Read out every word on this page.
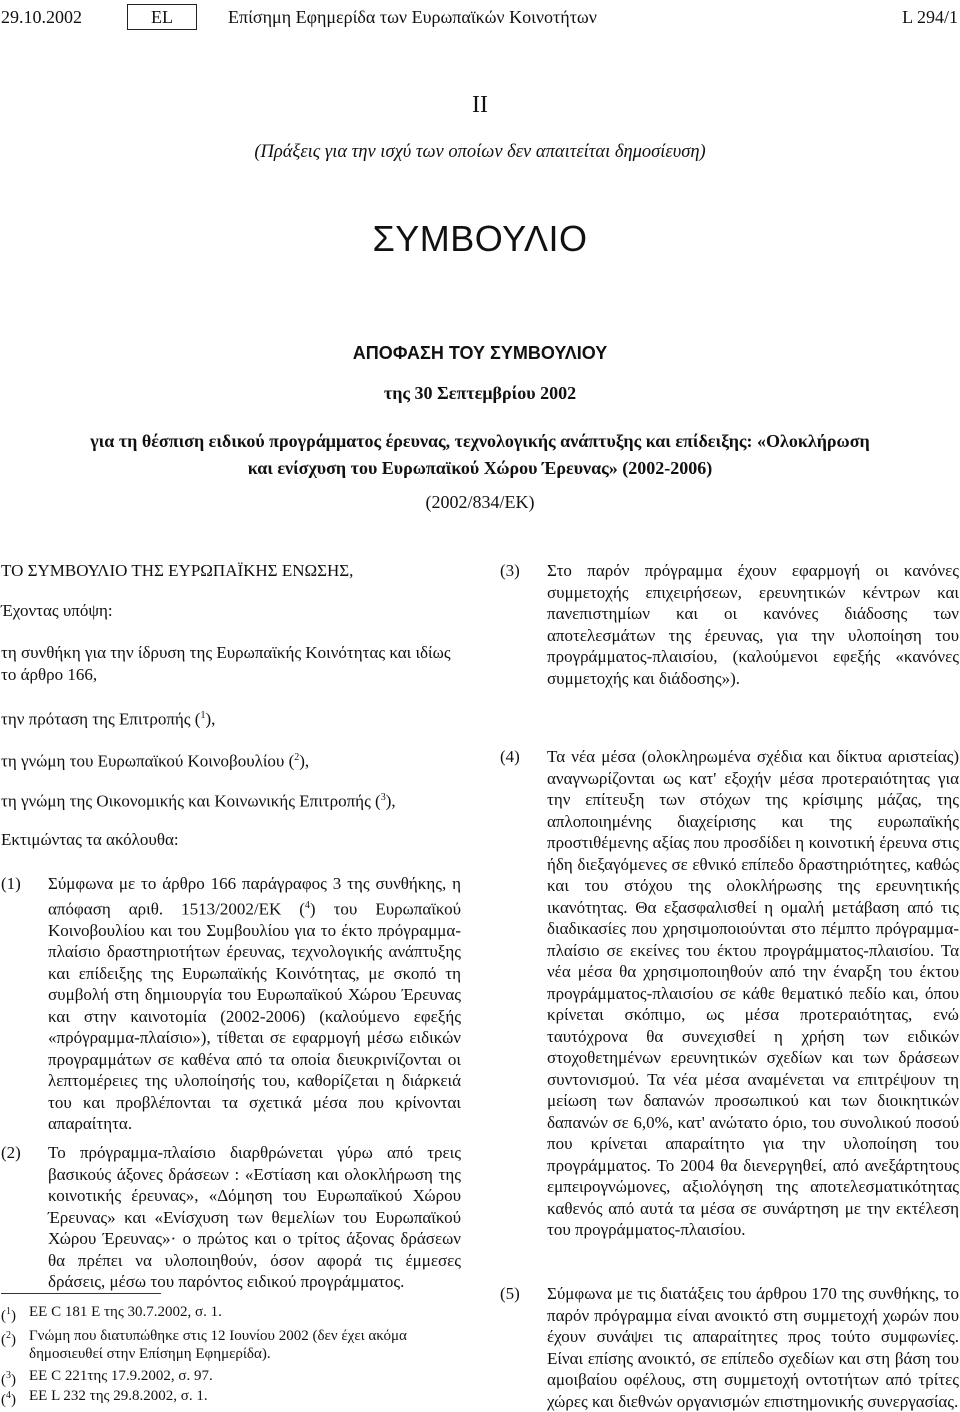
29.10.2002	EL	Επίσημη Εφημερίδα των Ευρωπαϊκών Κοινοτήτων	L 294/1
II
(Πράξεις για την ισχύ των οποίων δεν απαιτείται δημοσίευση)
ΣΥΜΒΟΥΛΙΟ
ΑΠΟΦΑΣΗ ΤΟΥ ΣΥΜΒΟΥΛΙΟΥ
της 30 Σεπτεμβρίου 2002
για τη θέσπιση ειδικού προγράμματος έρευνας, τεχνολογικής ανάπτυξης και επίδειξης: «Ολοκλήρωση
και ενίσχυση του Ευρωπαϊκού Χώρου Έρευνας» (2002-2006)
(2002/834/ΕΚ)
ΤΟ ΣΥΜΒΟΥΛΙΟ ΤΗΣ ΕΥΡΩΠΑΪΚΗΣ ΕΝΩΣΗΣ,
Έχοντας υπόψη:
τη συνθήκη για την ίδρυση της Ευρωπαϊκής Κοινότητας και ιδίως το άρθρο 166,
την πρόταση της Επιτροπής ($^1$),
τη γνώμη του Ευρωπαϊκού Κοινοβουλίου ($^2$),
τη γνώμη της Οικονομικής και Κοινωνικής Επιτροπής ($^3$),
Εκτιμώντας τα ακόλουθα:
(1) Σύμφωνα με το άρθρο 166 παράγραφος 3 της συνθήκης, η απόφαση αριθ. 1513/2002/ΕΚ ($^4$) του Ευρωπαϊκού Κοινοβουλίου και του Συμβουλίου για το έκτο πρόγραμμα-πλαίσιο δραστηριοτήτων έρευνας, τεχνολογικής ανάπτυξης και επίδειξης της Ευρωπαϊκής Κοινότητας, με σκοπό τη συμβολή στη δημιουργία του Ευρωπαϊκού Χώρου Έρευνας και στην καινοτομία (2002-2006) (καλούμενο εφεξής «πρόγραμμα-πλαίσιο»), τίθεται σε εφαρμογή μέσω ειδικών προγραμμάτων σε καθένα από τα οποία διευκρινίζονται οι λεπτομέρειες της υλοποίησής του, καθορίζεται η διάρκειά του και προβλέπονται τα σχετικά μέσα που κρίνονται απαραίτητα.
(2) Το πρόγραμμα-πλαίσιο διαρθρώνεται γύρω από τρεις βασικούς άξονες δράσεων : «Εστίαση και ολοκλήρωση της κοινοτικής έρευνας», «Δόμηση του Ευρωπαϊκού Χώρου Έρευνας» και «Ενίσχυση των θεμελίων του Ευρωπαϊκού Χώρου Έρευνας»· ο πρώτος και ο τρίτος άξονας δράσεων θα πρέπει να υλοποιηθούν, όσον αφορά τις έμμεσες δράσεις, μέσω του παρόντος ειδικού προγράμματος.
($^1$) ΕΕ C 181 Ε της 30.7.2002, σ. 1.
($^2$) Γνώμη που διατυπώθηκε στις 12 Ιουνίου 2002 (δεν έχει ακόμα δημοσιευθεί στην Επίσημη Εφημερίδα).
($^3$) ΕΕ C 221της 17.9.2002, σ. 97.
($^4$) ΕΕ L 232 της 29.8.2002, σ. 1.
(3) Στο παρόν πρόγραμμα έχουν εφαρμογή οι κανόνες συμμετοχής επιχειρήσεων, ερευνητικών κέντρων και πανεπιστημίων και οι κανόνες διάδοσης των αποτελεσμάτων της έρευνας, για την υλοποίηση του προγράμματος-πλαισίου, (καλούμενοι εφεξής «κανόνες συμμετοχής και διάδοσης»).
(4) Τα νέα μέσα (ολοκληρωμένα σχέδια και δίκτυα αριστείας) αναγνωρίζονται ως κατ' εξοχήν μέσα προτεραιότητας για την επίτευξη των στόχων της κρίσιμης μάζας, της απλοποιημένης διαχείρισης και της ευρωπαϊκής προστιθέμενης αξίας που προσδίδει η κοινοτική έρευνα στις ήδη διεξαγόμενες σε εθνικό επίπεδο δραστηριότητες, καθώς και του στόχου της ολοκλήρωσης της ερευνητικής ικανότητας. Θα εξασφαλισθεί η ομαλή μετάβαση από τις διαδικασίες που χρησιμοποιούνται στο πέμπτο πρόγραμμα-πλαίσιο σε εκείνες του έκτου προγράμματος-πλαισίου. Τα νέα μέσα θα χρησιμοποιηθούν από την έναρξη του έκτου προγράμματος-πλαισίου σε κάθε θεματικό πεδίο και, όπου κρίνεται σκόπιμο, ως μέσα προτεραιότητας, ενώ ταυτόχρονα θα συνεχισθεί η χρήση των ειδικών στοχοθετημένων ερευνητικών σχεδίων και των δράσεων συντονισμού. Τα νέα μέσα αναμένεται να επιτρέψουν τη μείωση των δαπανών προσωπικού και των διοικητικών δαπανών σε 6,0%, κατ' ανώτατο όριο, του συνολικού ποσού που κρίνεται απαραίτητο για την υλοποίηση του προγράμματος. Το 2004 θα διενεργηθεί, από ανεξάρτητους εμπειρογνώμονες, αξιολόγηση της αποτελεσματικότητας καθενός από αυτά τα μέσα σε συνάρτηση με την εκτέλεση του προγράμματος-πλαισίου.
(5) Σύμφωνα με τις διατάξεις του άρθρου 170 της συνθήκης, το παρόν πρόγραμμα είναι ανοικτό στη συμμετοχή χωρών που έχουν συνάψει τις απαραίτητες προς τούτο συμφωνίες. Είναι επίσης ανοικτό, σε επίπεδο σχεδίων και στη βάση του αμοιβαίου οφέλους, στη συμμετοχή οντοτήτων από τρίτες χώρες και διεθνών οργανισμών επιστημονικής συνεργασίας.
